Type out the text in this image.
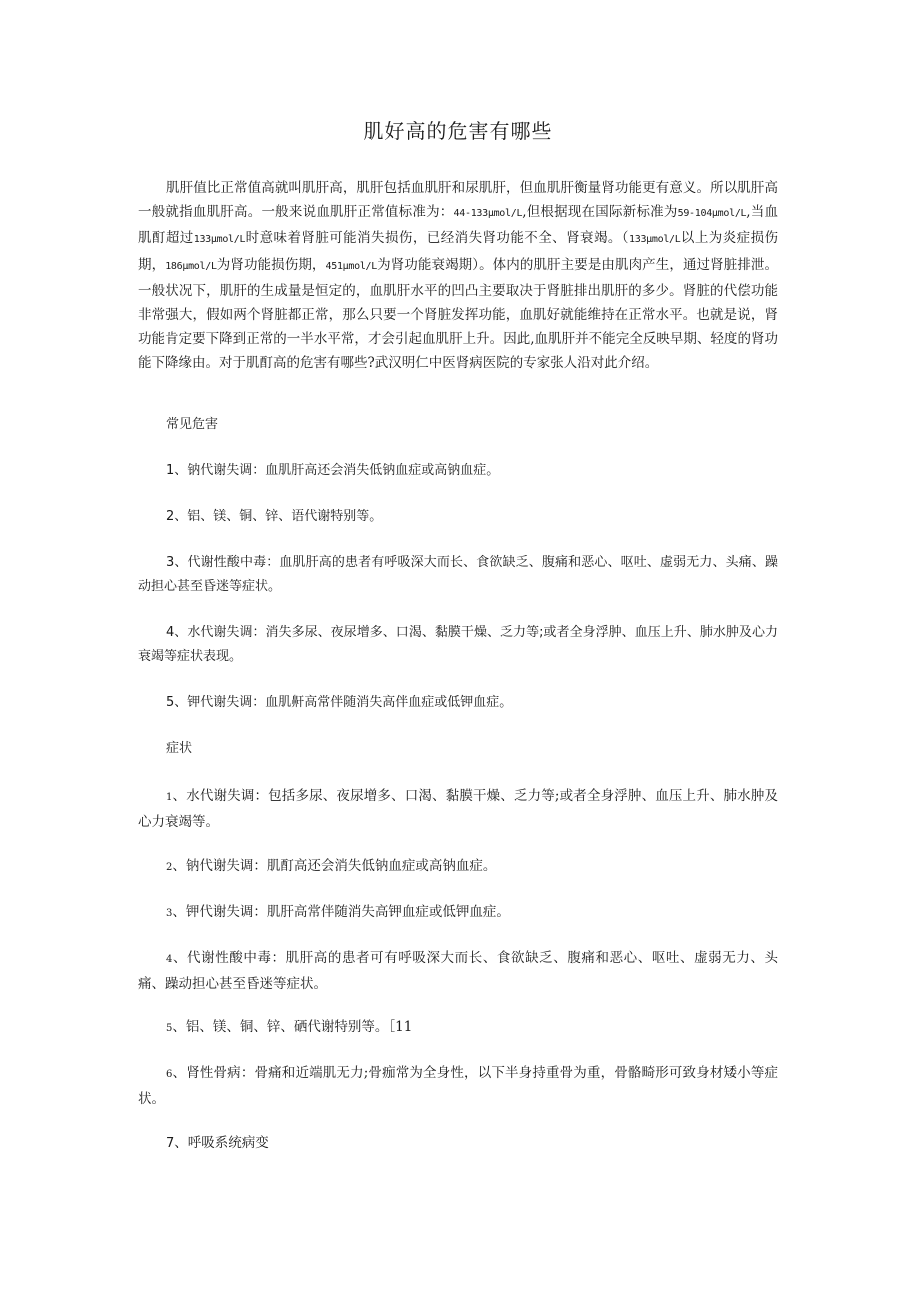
肌好高的危害有哪些

肌肝值比正常值高就叫肌肝高，肌肝包括血肌肝和尿肌肝，但血肌肝衡量肾功能更有意义。所以肌肝高一般就指血肌肝高。一般来说血肌肝正常值标准为：44-133μmol/L,但根据现在国际新标准为59-104μmol/L,当血肌酊超过133μmol/L时意味着肾脏可能消失损伤，已经消失肾功能不全、肾衰竭。（133μmol/L以上为炎症损伤期，186μmol/L为肾功能损伤期，451μmol/L为肾功能衰竭期）。体内的肌肝主要是由肌肉产生，通过肾脏排泄。一般状况下，肌肝的生成量是恒定的，血肌肝水平的凹凸主要取决于肾脏排出肌肝的多少。肾脏的代偿功能非常强大，假如两个肾脏都正常，那么只要一个肾脏发挥功能，血肌好就能维持在正常水平。也就是说，肾功能肯定要下降到正常的一半水平常，才会引起血肌肝上升。因此,血肌肝并不能完全反映早期、轻度的肾功能下降缘由。对于肌酊高的危害有哪些?武汉明仁中医肾病医院的专家张人沿对此介绍。

常见危害

1、钠代谢失调：血肌肝高还会消失低钠血症或高钠血症。

2、铝、镁、铜、锌、语代谢特别等。

3、代谢性酸中毒：血肌肝高的患者有呼吸深大而长、食欲缺乏、腹痛和恶心、呕吐、虚弱无力、头痛、躁动担心甚至昏迷等症状。

4、水代谢失调：消失多尿、夜尿增多、口渴、黏膜干燥、乏力等;或者全身浮肿、血压上升、肺水肿及心力衰竭等症状表现。

5、钾代谢失调：血肌鼾高常伴随消失高伴血症或低钾血症。

症状

1、水代谢失调：包括多尿、夜尿增多、口渴、黏膜干燥、乏力等;或者全身浮肿、血压上升、肺水肿及心力衰竭等。

2、钠代谢失调：肌酊高还会消失低钠血症或高钠血症。

3、钾代谢失调：肌肝高常伴随消失高钾血症或低钾血症。

4、代谢性酸中毒：肌肝高的患者可有呼吸深大而长、食欲缺乏、腹痛和恶心、呕吐、虚弱无力、头痛、躁动担心甚至昏迷等症状。

5、铝、镁、铜、锌、硒代谢特别等。［11

6、肾性骨病：骨痛和近端肌无力;骨痂常为全身性，以下半身持重骨为重，骨骼畸形可致身材矮小等症状。

7、呼吸系统病变
